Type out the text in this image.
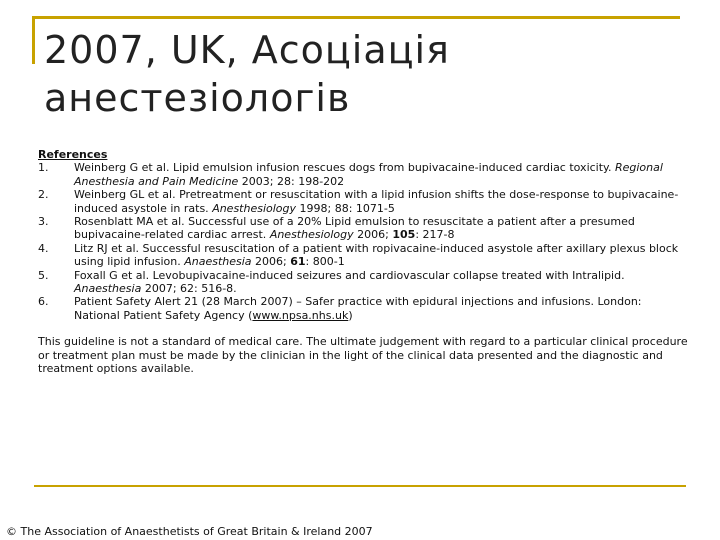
2007, UK, Асоціація анестезіологів
References
1.	Weinberg G et al. Lipid emulsion infusion rescues dogs from bupivacaine-induced cardiac toxicity. Regional Anesthesia and Pain Medicine 2003; 28: 198-202
2.	Weinberg GL et al. Pretreatment or resuscitation with a lipid infusion shifts the dose-response to bupivacaine-induced asystole in rats. Anesthesiology 1998; 88: 1071-5
3.	Rosenblatt MA et al. Successful use of a 20% Lipid emulsion to resuscitate a patient after a presumed bupivacaine-related cardiac arrest. Anesthesiology 2006; 105: 217-8
4.	Litz RJ et al. Successful resuscitation of a patient with ropivacaine-induced asystole after axillary plexus block using lipid infusion. Anaesthesia 2006; 61: 800-1
5.	Foxall G et al. Levobupivacaine-induced seizures and cardiovascular collapse treated with Intralipid. Anaesthesia 2007; 62: 516-8.
6.	Patient Safety Alert 21 (28 March 2007) – Safer practice with epidural injections and infusions. London: National Patient Safety Agency (www.npsa.nhs.uk)
This guideline is not a standard of medical care. The ultimate judgement with regard to a particular clinical procedure or treatment plan must be made by the clinician in the light of the clinical data presented and the diagnostic and treatment options available.
© The Association of Anaesthetists of Great Britain & Ireland 2007
